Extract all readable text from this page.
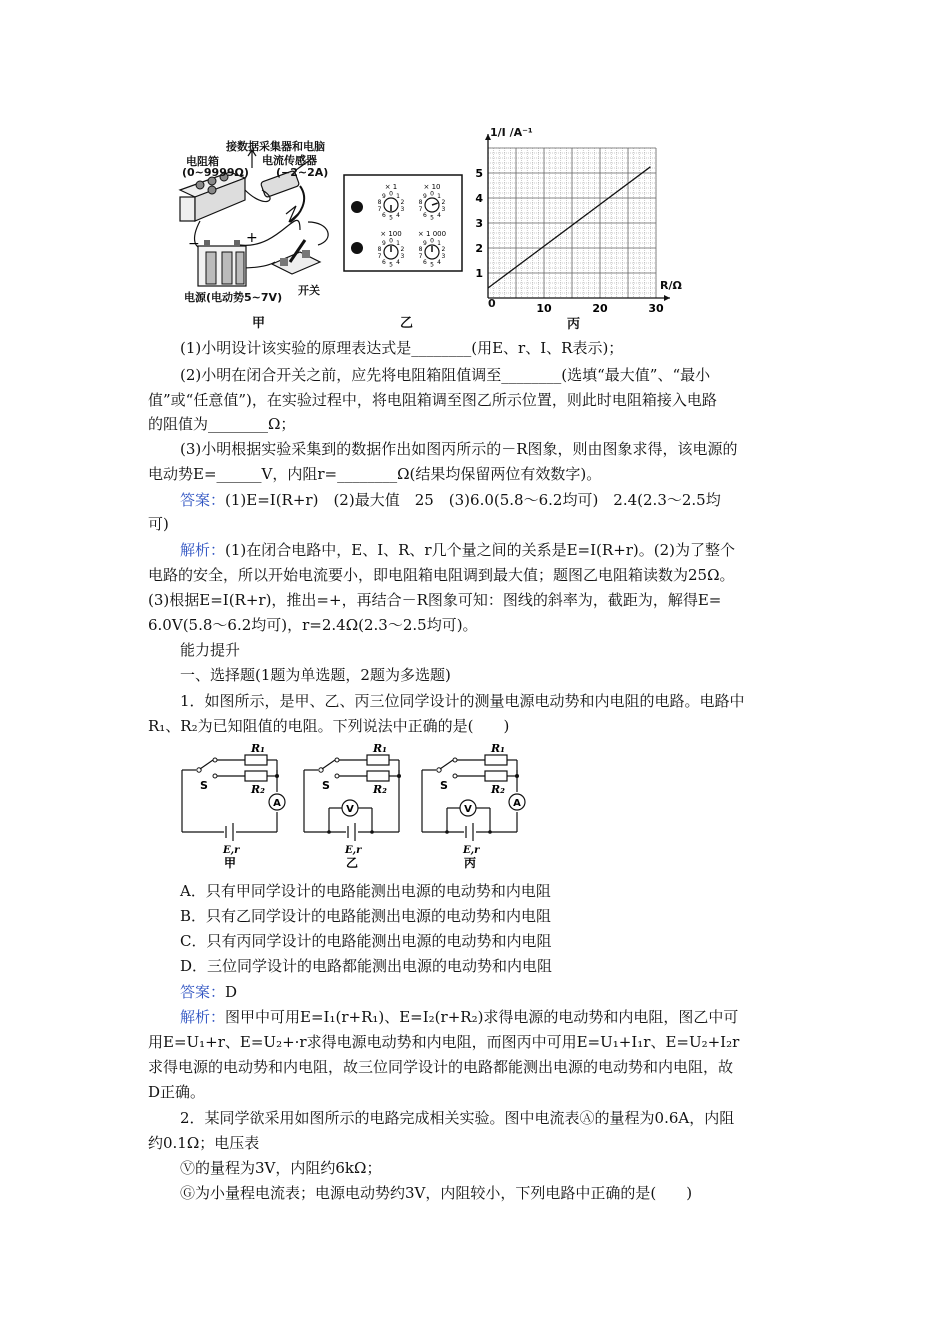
−	+
电阻箱
(0~9999Ω)
接数据采集器和电脑
电流传感器
(−2~2A)
电源(电动势5~7V)
开关
甲
× 1
0 1
2
3
4
5
6
7
8
9
× 10
0 1
2
3
4
5
6
7
8
9
× 100
0 1
2
3
4
5
6
7
8
9
× 1 000
0 1
2
3
4
5
6
7
8
9
乙
10	20	30
1
2
3
4
5
1/I /A⁻¹
R/Ω
0
丙
(1)小明设计该实验的原理表达式是________(用E、r、I、R表示)；
(2)小明在闭合开关之前，应先将电阻箱阻值调至________(选填“最大值”、“最小
值”或“任意值”)，在实验过程中，将电阻箱调至图乙所示位置，则此时电阻箱接入电路
的阻值为________Ω；
(3)小明根据实验采集到的数据作出如图丙所示的－R图象，则由图象求得，该电源的
电动势E=______V，内阻r=________Ω(结果均保留两位有效数字)。
答案：(1)E=I(R+r)　(2)最大值　25　(3)6.0(5.8～6.2均可)　2.4(2.3～2.5均
可)
解析：(1)在闭合电路中，E、I、R、r几个量之间的关系是E=I(R+r)。(2)为了整个
电路的安全，所以开始电流要小，即电阻箱电阻调到最大值；题图乙电阻箱读数为25Ω。
(3)根据E=I(R+r)，推出=+，再结合－R图象可知：图线的斜率为，截距为，解得E=
6.0V(5.8～6.2均可)，r=2.4Ω(2.3～2.5均可)。
能力提升
一、选择题(1题为单选题，2题为多选题)
1．如图所示，是甲、乙、丙三位同学设计的测量电源电动势和内电阻的电路。电路中
R₁、R₂为已知阻值的电阻。下列说法中正确的是(　　)
R₁
R₂
S
E,r
甲
A
R₁
R₂
S
E,r
乙
V
R₁
R₂
S
E,r
丙
A
V
A．只有甲同学设计的电路能测出电源的电动势和内电阻
B．只有乙同学设计的电路能测出电源的电动势和内电阻
C．只有丙同学设计的电路能测出电源的电动势和内电阻
D．三位同学设计的电路都能测出电源的电动势和内电阻
答案：D
解析：图甲中可用E=I₁(r+R₁)、E=I₂(r+R₂)求得电源的电动势和内电阻，图乙中可
用E=U₁+r、E=U₂+·r求得电源电动势和内电阻，而图丙中可用E=U₁+I₁r、E=U₂+I₂r
求得电源的电动势和内电阻，故三位同学设计的电路都能测出电源的电动势和内电阻，故
D正确。
2．某同学欲采用如图所示的电路完成相关实验。图中电流表Ⓐ的量程为0.6A，内阻
约0.1Ω；电压表
Ⓥ的量程为3V，内阻约6kΩ；
Ⓖ为小量程电流表；电源电动势约3V，内阻较小，下列电路中正确的是(　　)
